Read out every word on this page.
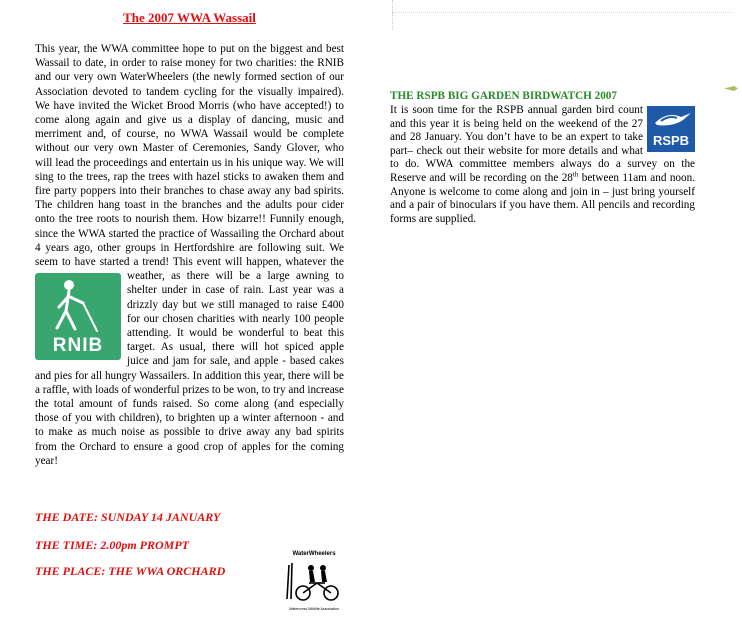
The 2007 WWA Wassail

This year, the WWA committee hope to put on the biggest and best Wassail to date, in order to raise money for two charities: the RNIB and our very own WaterWheelers (the newly formed section of our Association devoted to tandem cycling for the visually impaired). We have invited the Wicket Brood Morris (who have accepted!) to come along again and give us a display of dancing, music and merriment and, of course, no WWA Wassail would be complete without our very own Master of Ceremonies, Sandy Glover, who will lead the proceedings and entertain us in his unique way. We will sing to the trees, rap the trees with hazel sticks to awaken them and fire party poppers into their branches to chase away any bad spirits. The children hang toast in the branches and the adults pour cider onto the tree roots to nourish them. How bizarre!! Funnily enough, since the WWA started the practice of Wassailing the Orchard about 4 years ago, other groups in Hertfordshire are following suit. We seem to have started a trend! This event will happen, whatever the weather, as there
RNIB
will be a large awning to shelter under in case of rain. Last year was a drizzly day but we still managed to raise £400 for our chosen charities with nearly 100 people attending. It would be wonderful to beat this target. As usual, there will hot spiced apple juice and jam for sale, and apple - based cakes and pies for all hungry Wassailers. In addition this year, there will be a raffle, with loads of wonderful prizes to be won, to try and increase the total amount of funds raised. So come along (and especially those of you with children), to brighten up a winter afternoon - and to make as much noise as possible to drive away any bad spirits from the Orchard to ensure a good crop of apples for the coming year!

THE DATE: SUNDAY 14 JANUARY

THE TIME: 2.00pm PROMPT

THE PLACE: THE WWA ORCHARD

WaterWheelers
Watercress Wildlife Association
THE RSPB BIG GARDEN BIRDWATCH 2007

RSPB
It is soon time for the RSPB annual garden bird count and this year it is being held on the weekend of the 27 and 28 January. You don’t have to be an expert to take part– check out their website for more details and what to do. WWA committee members always do a survey on the Reserve and will be recording on the 28th between 11am and noon. Anyone is welcome to come along and join in – just bring yourself and a pair of binoculars if you have them. All pencils and recording forms are supplied.
